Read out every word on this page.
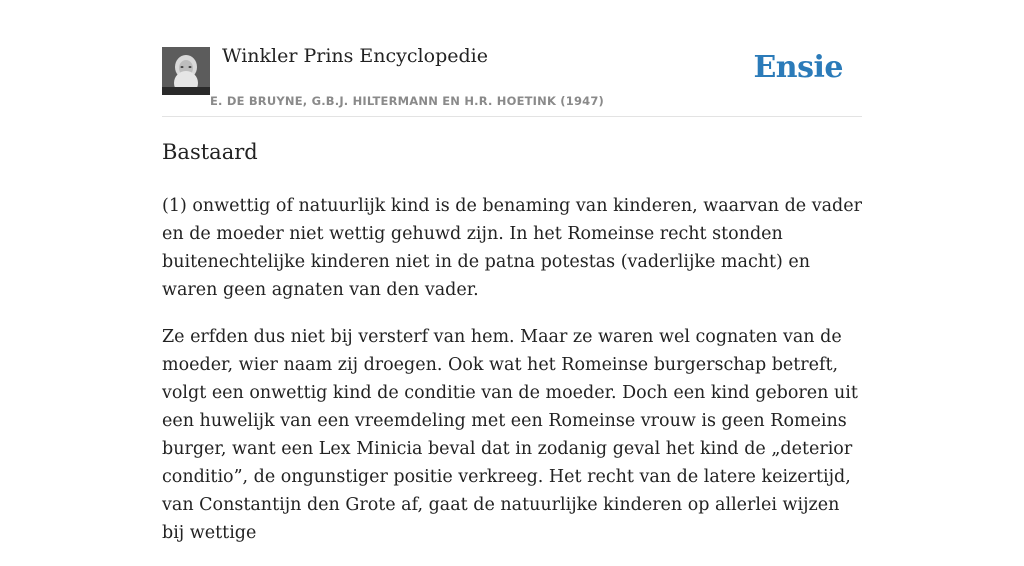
Winkler Prins Encyclopedie
E. DE BRUYNE, G.B.J. HILTERMANN EN H.R. HOETINK (1947)
Ensie
Bastaard

(1) onwettig of natuurlijk kind is de benaming van kinderen, waarvan de vader en de moeder niet wettig gehuwd zijn. In het Romeinse recht stonden buitenechtelijke kinderen niet in de patna potestas (vaderlijke macht) en waren geen agnaten van den vader.

Ze erfden dus niet bij versterf van hem. Maar ze waren wel cognaten van de moeder, wier naam zij droegen. Ook wat het Romeinse burgerschap betreft, volgt een onwettig kind de conditie van de moeder. Doch een kind geboren uit een huwelijk van een vreemdeling met een Romeinse vrouw is geen Romeins burger, want een Lex Minicia beval dat in zodanig geval het kind de „deterior conditio”, de ongunstiger positie verkreeg. Het recht van de latere keizertijd, van Constantijn den Grote af, gaat de natuurlijke kinderen op allerlei wijzen bij wettige
